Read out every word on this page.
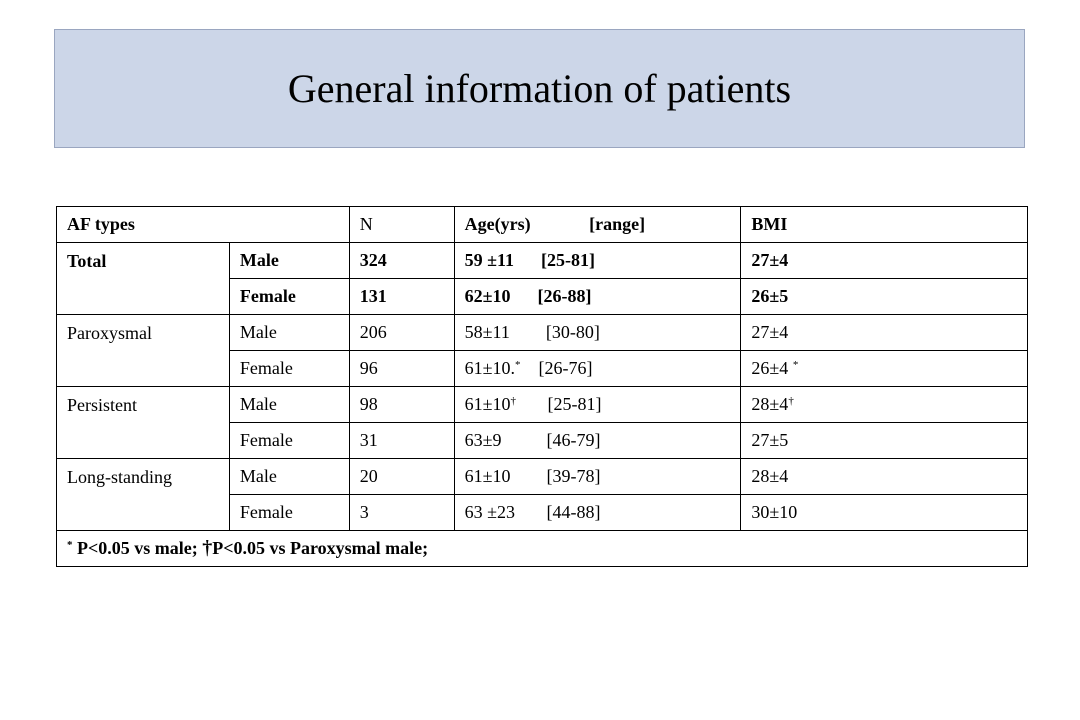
General information of patients
AF types		N	Age(yrs)             [range]	BMI
Total	Male	324	59 ±11      [25-81]	27±4
	Female	131	62±10      [26-88]	26±5
Paroxysmal	Male	206	58±11        [30-80]	27±4
	Female	96	61±10.*    [26-76]	26±4 *
Persistent	Male	98	61±10†       [25-81]	28±4†
	Female	31	63±9          [46-79]	27±5
Long-standing	Male	20	61±10        [39-78]	28±4
	Female	3	63 ±23       [44-88]	30±10
* P<0.05 vs male; †P<0.05 vs Paroxysmal male;				
